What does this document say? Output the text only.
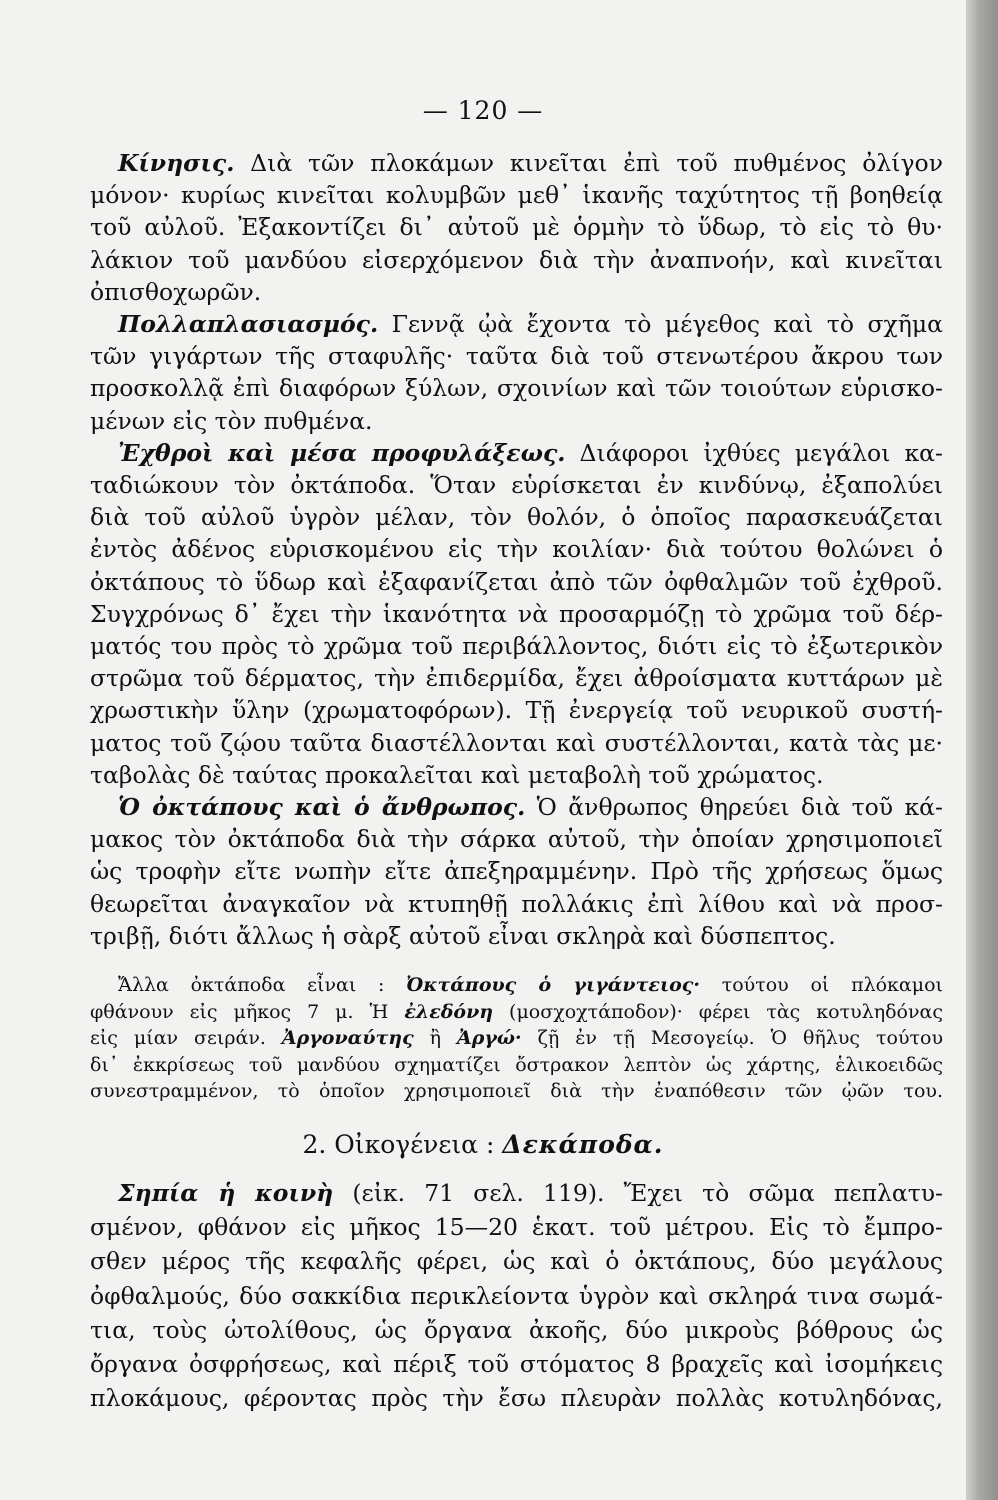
— 120 —
Κίνησις. Διὰ τῶν πλοκάμων κινεῖται ἐπὶ τοῦ πυθμένος ὀλίγον
μόνον· κυρίως κινεῖται κολυμβῶν μεθ᾽ ἱκανῆς ταχύτητος τῇ βοηθείᾳ
τοῦ αὐλοῦ. Ἐξακοντίζει δι᾽ αὐτοῦ μὲ ὁρμὴν τὸ ὕδωρ, τὸ εἰς τὸ θυ·
λάκιον τοῦ μανδύου εἰσερχόμενον διὰ τὴν ἀναπνοήν, καὶ κινεῖται
ὀπισθοχωρῶν.
Πολλαπλασιασμός. Γεννᾷ ᾠὰ ἔχοντα τὸ μέγεθος καὶ τὸ σχῆμα
τῶν γιγάρτων τῆς σταφυλῆς· ταῦτα διὰ τοῦ στενωτέρου ἄκρου των
προσκολλᾷ ἐπὶ διαφόρων ξύλων, σχοινίων καὶ τῶν τοιούτων εὑρισκο-
μένων εἰς τὸν πυθμένα.
Ἐχθροὶ καὶ μέσα προφυλάξεως. Διάφοροι ἰχθύες μεγάλοι κα-
ταδιώκουν τὸν ὀκτάποδα. Ὅταν εὑρίσκεται ἐν κινδύνῳ, ἐξαπολύει
διὰ τοῦ αὐλοῦ ὑγρὸν μέλαν, τὸν θολόν, ὁ ὁποῖος παρασκευάζεται
ἐντὸς ἀδένος εὑρισκομένου εἰς τὴν κοιλίαν· διὰ τούτου θολώνει ὁ
ὀκτάπους τὸ ὕδωρ καὶ ἐξαφανίζεται ἀπὸ τῶν ὀφθαλμῶν τοῦ ἐχθροῦ.
Συγχρόνως δ᾽ ἔχει τὴν ἱκανότητα νὰ προσαρμόζῃ τὸ χρῶμα τοῦ δέρ-
ματός του πρὸς τὸ χρῶμα τοῦ περιβάλλοντος, διότι εἰς τὸ ἐξωτερικὸν
στρῶμα τοῦ δέρματος, τὴν ἐπιδερμίδα, ἔχει ἀθροίσματα κυττάρων μὲ
χρωστικὴν ὕλην (χρωματοφόρων). Τῇ ἐνεργείᾳ τοῦ νευρικοῦ συστή-
ματος τοῦ ζῴου ταῦτα διαστέλλονται καὶ συστέλλονται, κατὰ τὰς με·
ταβολὰς δὲ ταύτας προκαλεῖται καὶ μεταβολὴ τοῦ χρώματος.
Ὁ ὀκτάπους καὶ ὁ ἄνθρωπος. Ὁ ἄνθρωπος θηρεύει διὰ τοῦ κά-
μακος τὸν ὀκτάποδα διὰ τὴν σάρκα αὐτοῦ, τὴν ὁποίαν χρησιμοποιεῖ
ὡς τροφὴν εἴτε νωπὴν εἴτε ἀπεξηραμμένην. Πρὸ τῆς χρήσεως ὅμως
θεωρεῖται ἀναγκαῖον νὰ κτυπηθῇ πολλάκις ἐπὶ λίθου καὶ νὰ προσ-
τριβῇ, διότι ἄλλως ἡ σὰρξ αὐτοῦ εἶναι σκληρὰ καὶ δύσπεπτος.
Ἄλλα ὀκτάποδα εἶναι : Ὀκτάπους ὁ γιγάντειος· τούτου οἱ πλόκαμοι
φθάνουν εἰς μῆκος 7 μ. Ἡ ἐλεδόνη (μοσχοχτάποδον)· φέρει τὰς κοτυληδόνας
εἰς μίαν σειράν. Ἀργοναύτης ἢ Ἀργώ· ζῇ ἐν τῇ Μεσογείῳ. Ὁ θῆλυς τούτου
δι᾽ ἐκκρίσεως τοῦ μανδύου σχηματίζει ὄστρακον λεπτὸν ὡς χάρτης, ἑλικοειδῶς
συνεστραμμένον, τὸ ὁποῖον χρησιμοποιεῖ διὰ τὴν ἐναπόθεσιν τῶν ᾠῶν του.
Σηπία ἡ κοινὴ (εἰκ. 71 σελ. 119). Ἔχει τὸ σῶμα πεπλατυ-
σμένον, φθάνον εἰς μῆκος 15—20 ἑκατ. τοῦ μέτρου. Εἰς τὸ ἔμπρο-
σθεν μέρος τῆς κεφαλῆς φέρει, ὡς καὶ ὁ ὀκτάπους, δύο μεγάλους
ὀφθαλμούς, δύο σακκίδια περικλείοντα ὑγρὸν καὶ σκληρά τινα σωμά-
τια, τοὺς ὠτολίθους, ὡς ὄργανα ἀκοῆς, δύο μικροὺς βόθρους ὡς
ὄργανα ὀσφρήσεως, καὶ πέριξ τοῦ στόματος 8 βραχεῖς καὶ ἰσομήκεις
πλοκάμους, φέροντας πρὸς τὴν ἔσω πλευρὰν πολλὰς κοτυληδόνας,
2. Οἰκογένεια : Δεκάποδα.
